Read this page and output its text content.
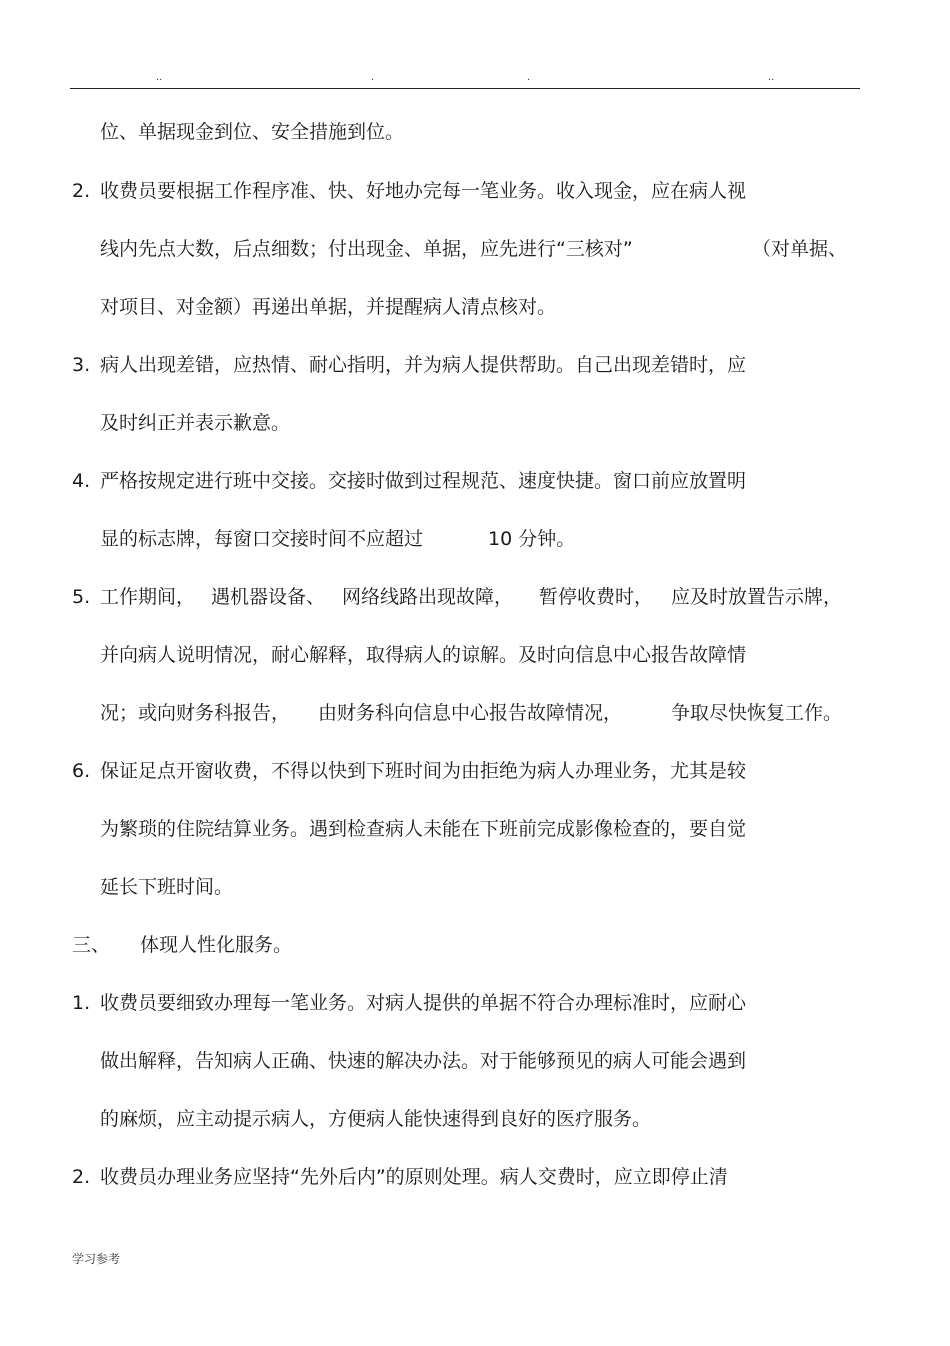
..	.	.	..
位、单据现金到位、安全措施到位。
2. 收费员要根据工作程序准、快、好地办完每一笔业务。收入现金，应在病人视
线内先点大数，后点细数；付出现金、单据，应先进行“三核对”	（对单据、
对项目、对金额）再递出单据，并提醒病人清点核对。
3. 病人出现差错，应热情、耐心指明，并为病人提供帮助。自己出现差错时，应
及时纠正并表示歉意。
4. 严格按规定进行班中交接。交接时做到过程规范、速度快捷。窗口前应放置明
显的标志牌，每窗口交接时间不应超过	10 分钟。
5. 工作期间， 遇机器设备、 网络线路出现故障， 暂停收费时， 应及时放置告示牌，
并向病人说明情况，耐心解释，取得病人的谅解。及时向信息中心报告故障情
况；或向财务科报告， 由财务科向信息中心报告故障情况，	争取尽快恢复工作。
6. 保证足点开窗收费，不得以快到下班时间为由拒绝为病人办理业务，尤其是较
为繁琐的住院结算业务。遇到检查病人未能在下班前完成影像检查的，要自觉
延长下班时间。
三、 体现人性化服务。
1. 收费员要细致办理每一笔业务。对病人提供的单据不符合办理标准时，应耐心
做出解释，告知病人正确、快速的解决办法。对于能够预见的病人可能会遇到
的麻烦，应主动提示病人，方便病人能快速得到良好的医疗服务。
2. 收费员办理业务应坚持“先外后内”的原则处理。病人交费时，应立即停止清
学习参考
